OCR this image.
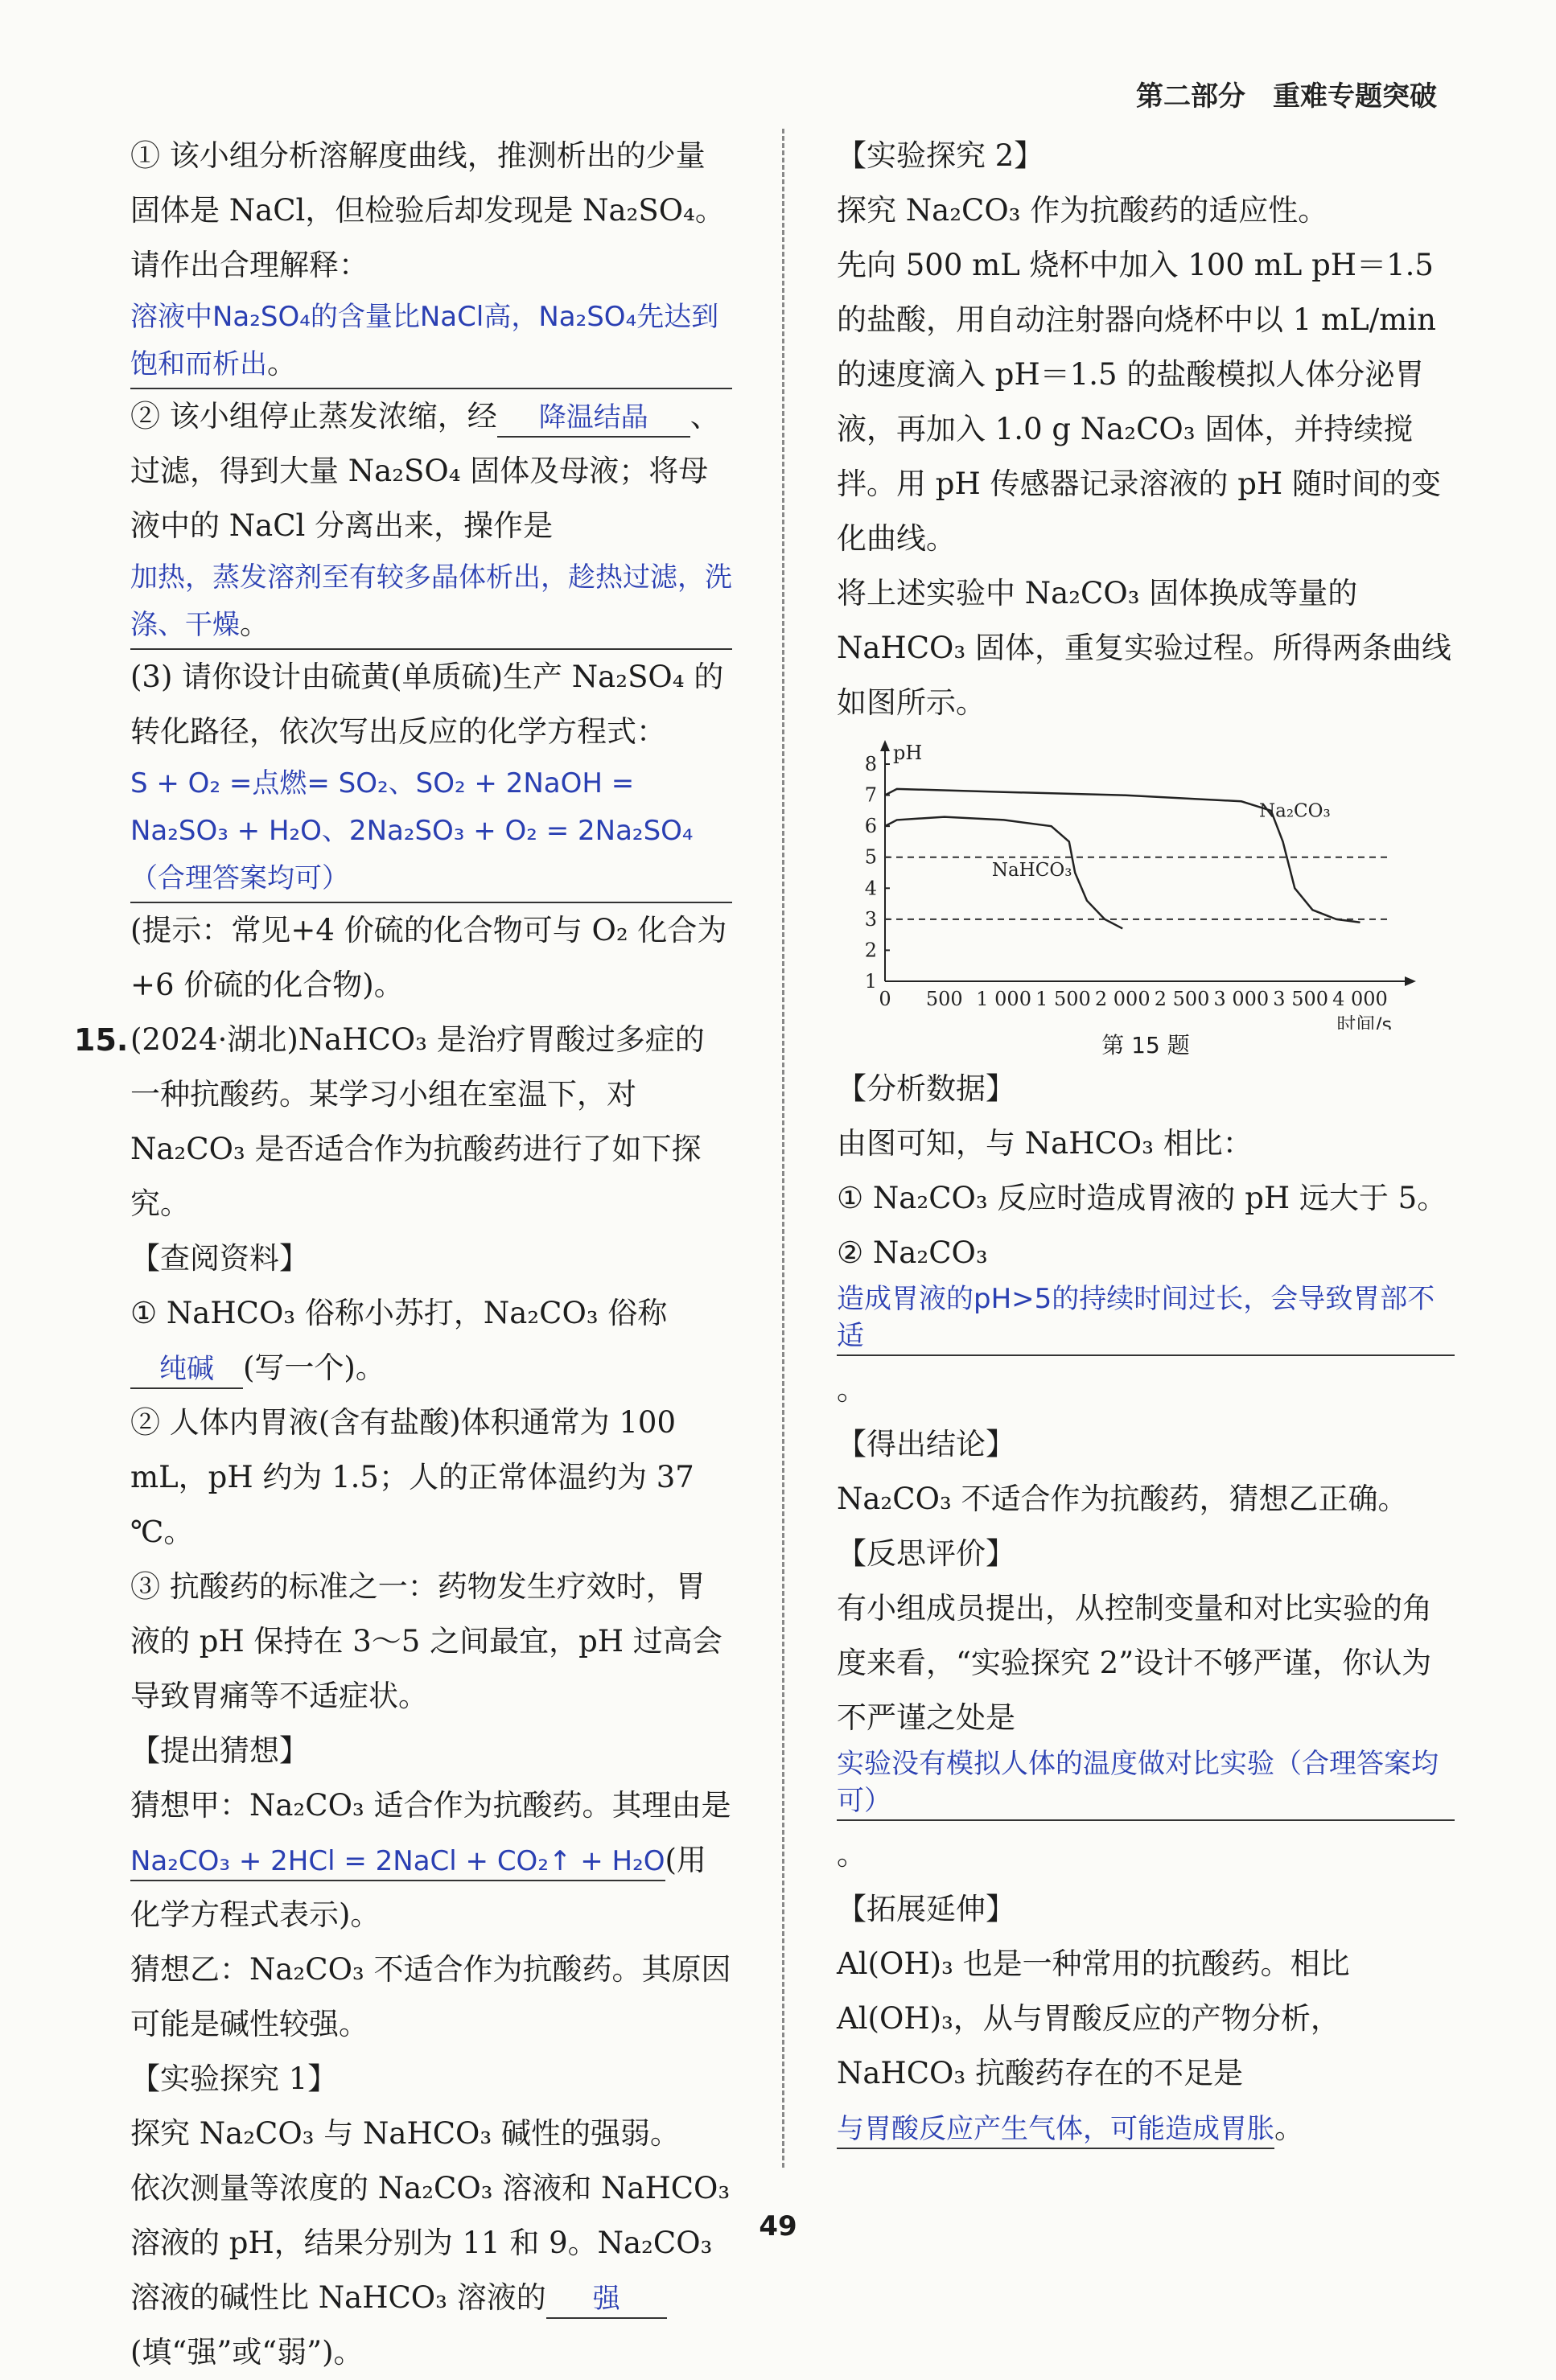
第二部分　重难专题突破

① 该小组分析溶解度曲线，推测析出的少量固体是 NaCl，但检验后却发现是 Na₂SO₄。请作出合理解释：

溶液中Na₂SO₄的含量比NaCl高，Na₂SO₄先达到饱和而析出。

② 该小组停止蒸发浓缩，经 降温结晶 、过滤，得到大量 Na₂SO₄ 固体及母液；将母液中的 NaCl 分离出来，操作是

加热，蒸发溶剂至有较多晶体析出，趁热过滤，洗涤、干燥。

(3) 请你设计由硫黄(单质硫)生产 Na₂SO₄ 的转化路径，依次写出反应的化学方程式：

S + O₂ =点燃= SO₂、SO₂ + 2NaOH = Na₂SO₃ + H₂O、2Na₂SO₃ + O₂ = 2Na₂SO₄（合理答案均可）

(提示：常见+4 价硫的化合物可与 O₂ 化合为+6 价硫的化合物)。

15. (2024·湖北)NaHCO₃ 是治疗胃酸过多症的一种抗酸药。某学习小组在室温下，对 Na₂CO₃ 是否适合作为抗酸药进行了如下探究。

【查阅资料】

① NaHCO₃ 俗称小苏打，Na₂CO₃ 俗称纯碱 (写一个)。

② 人体内胃液(含有盐酸)体积通常为 100 mL，pH 约为 1.5；人的正常体温约为 37 ℃。

③ 抗酸药的标准之一：药物发生疗效时，胃液的 pH 保持在 3～5 之间最宜，pH 过高会导致胃痛等不适症状。

【提出猜想】

猜想甲：Na₂CO₃ 适合作为抗酸药。其理由是Na₂CO₃ + 2HCl = 2NaCl + CO₂↑ + H₂O(用化学方程式表示)。

猜想乙：Na₂CO₃ 不适合作为抗酸药。其原因可能是碱性较强。

【实验探究 1】

探究 Na₂CO₃ 与 NaHCO₃ 碱性的强弱。

依次测量等浓度的 Na₂CO₃ 溶液和 NaHCO₃ 溶液的 pH，结果分别为 11 和 9。Na₂CO₃ 溶液的碱性比 NaHCO₃ 溶液的 强(填“强”或“弱”)。

【实验探究 2】

探究 Na₂CO₃ 作为抗酸药的适应性。

先向 500 mL 烧杯中加入 100 mL pH＝1.5 的盐酸，用自动注射器向烧杯中以 1 mL/min 的速度滴入 pH＝1.5 的盐酸模拟人体分泌胃液，再加入 1.0 g Na₂CO₃ 固体，并持续搅拌。用 pH 传感器记录溶液的 pH 随时间的变化曲线。

将上述实验中 Na₂CO₃ 固体换成等量的 NaHCO₃ 固体，重复实验过程。所得两条曲线如图所示。

0 500 1 000 1 500 2 000 2 500 3 000 3 500 4 000
1
2
3
4
5
6
7
8 pH
时间/s
Na₂CO₃
NaHCO₃

第 15 题

【分析数据】

由图可知，与 NaHCO₃ 相比：

① Na₂CO₃ 反应时造成胃液的 pH 远大于 5。

② Na₂CO₃ 造成胃液的pH>5的持续时间过长，会导致胃部不适。

【得出结论】

Na₂CO₃ 不适合作为抗酸药，猜想乙正确。

【反思评价】

有小组成员提出，从控制变量和对比实验的角度来看，“实验探究 2”设计不够严谨，你认为不严谨之处是实验没有模拟人体的温度做对比实验（合理答案均可）。

【拓展延伸】

Al(OH)₃ 也是一种常用的抗酸药。相比 Al(OH)₃，从与胃酸反应的产物分析，NaHCO₃ 抗酸药存在的不足是与胃酸反应产生气体，可能造成胃胀。

49
